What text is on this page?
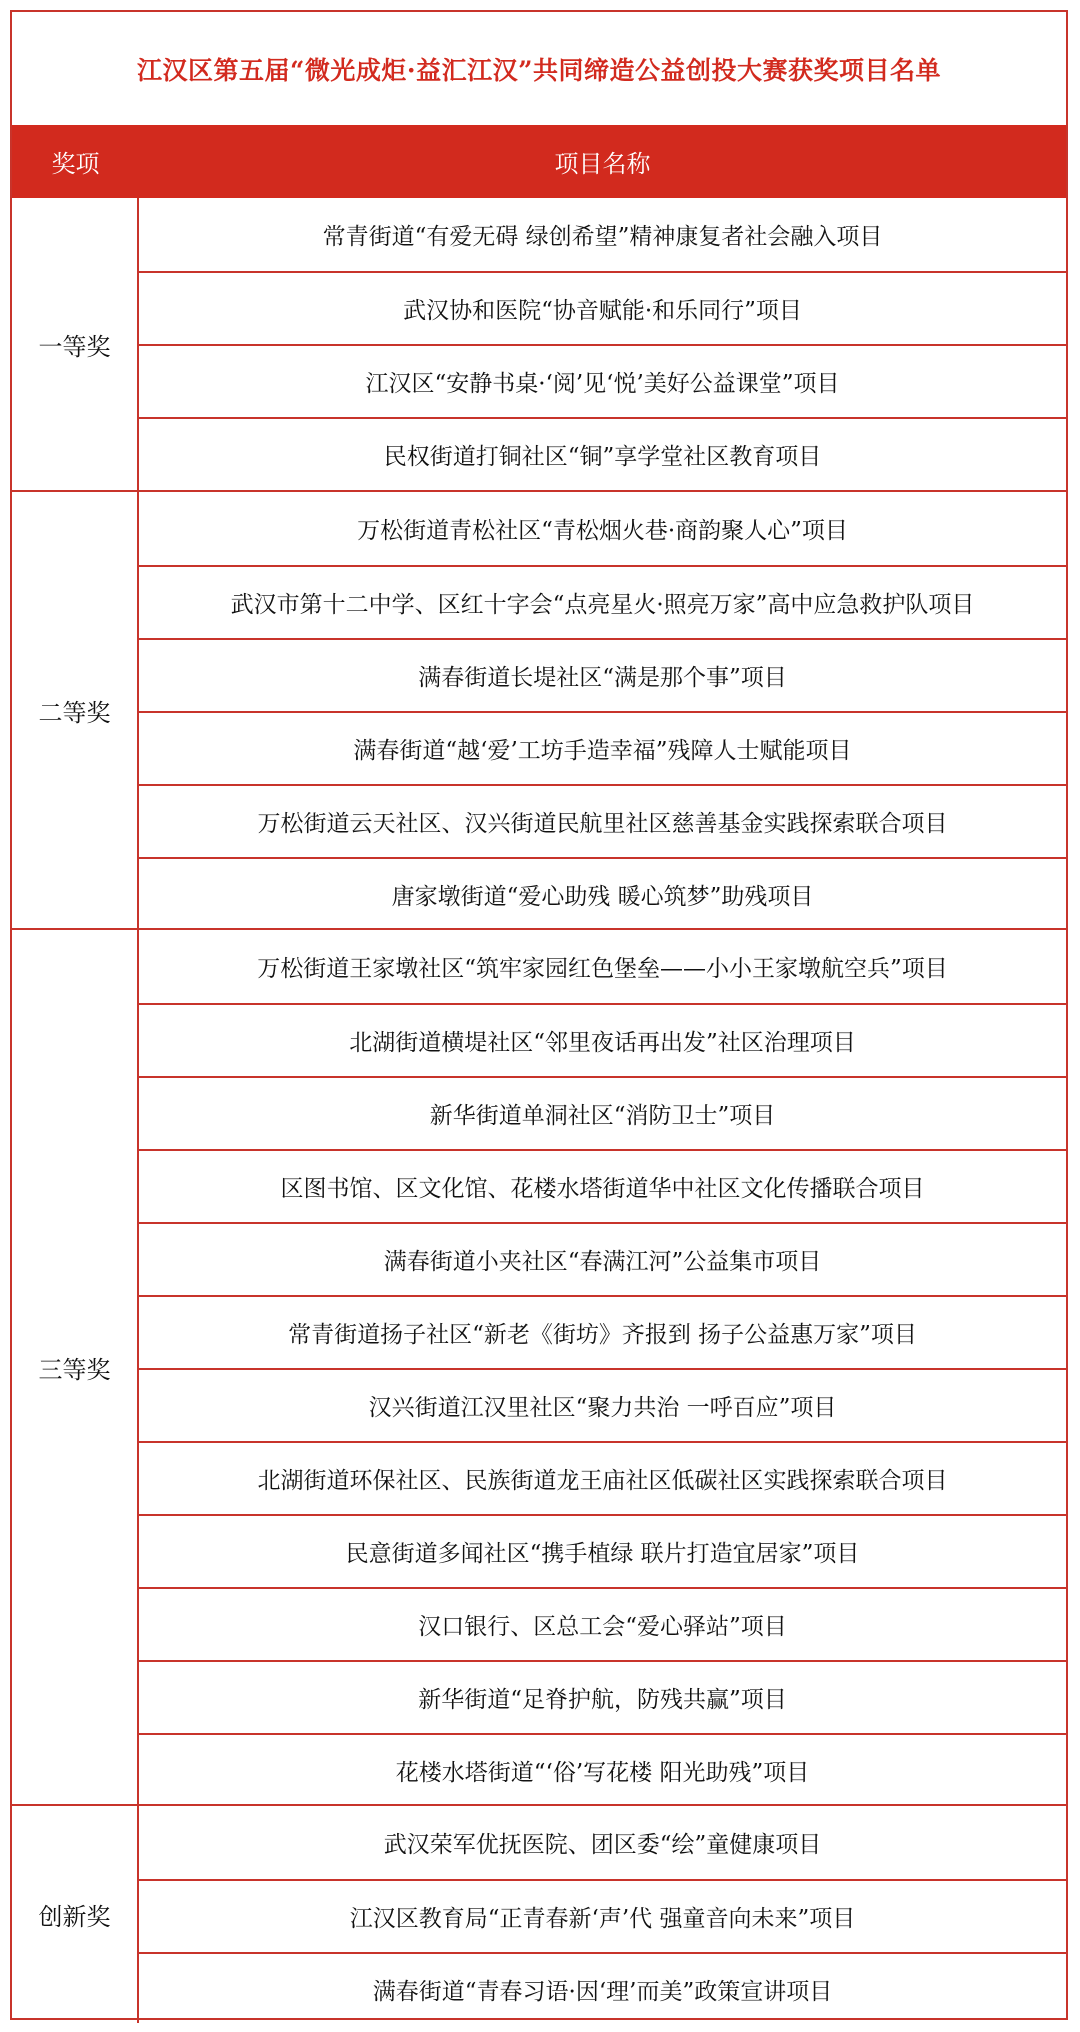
江汉区第五届“微光成炬·益汇江汉”共同缔造公益创投大赛获奖项目名单
奖项	项目名称
一等奖
常青街道“有爱无碍 绿创希望”精神康复者社会融入项目
武汉协和医院“协音赋能·和乐同行”项目
江汉区“安静书桌·‘阅’见‘悦’美好公益课堂”项目
民权街道打铜社区“铜”享学堂社区教育项目
二等奖
万松街道青松社区“青松烟火巷·商韵聚人心”项目
武汉市第十二中学、区红十字会“点亮星火·照亮万家”高中应急救护队项目
满春街道长堤社区“满是那个事”项目
满春街道“越‘爱’工坊手造幸福”残障人士赋能项目
万松街道云天社区、汉兴街道民航里社区慈善基金实践探索联合项目
唐家墩街道“爱心助残 暖心筑梦”助残项目
三等奖
万松街道王家墩社区“筑牢家园红色堡垒——小小王家墩航空兵”项目
北湖街道横堤社区“邻里夜话再出发”社区治理项目
新华街道单洞社区“消防卫士”项目
区图书馆、区文化馆、花楼水塔街道华中社区文化传播联合项目
满春街道小夹社区“春满江河”公益集市项目
常青街道扬子社区“新老《街坊》齐报到 扬子公益惠万家”项目
汉兴街道江汉里社区“聚力共治 一呼百应”项目
北湖街道环保社区、民族街道龙王庙社区低碳社区实践探索联合项目
民意街道多闻社区“携手植绿 联片打造宜居家”项目
汉口银行、区总工会“爱心驿站”项目
新华街道“足脊护航，防残共赢”项目
花楼水塔街道“‘俗’写花楼 阳光助残”项目
创新奖
武汉荣军优抚医院、团区委“绘”童健康项目
江汉区教育局“正青春新‘声’代 强童音向未来”项目
满春街道“青春习语·因‘理’而美”政策宣讲项目
